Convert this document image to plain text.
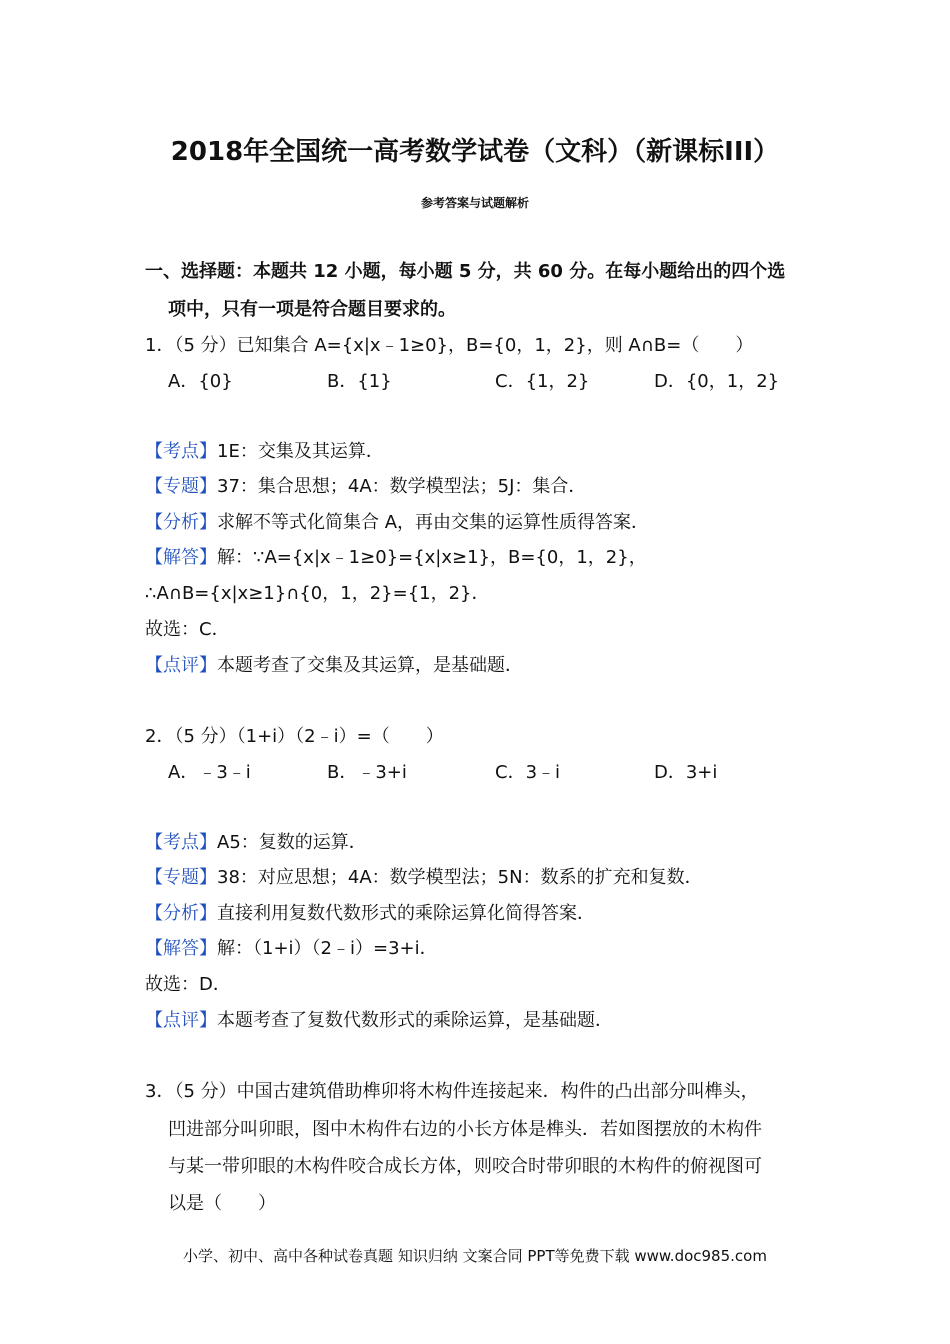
2018年全国统一高考数学试卷（文科）（新课标III）
参考答案与试题解析
一、选择题：本题共 12 小题，每小题 5 分，共 60 分。在每小题给出的四个选
项中，只有一项是符合题目要求的。
1．（5 分）已知集合 A={x|x﹣1≥0}，B={0，1，2}，则 A∩B=（　　）
A．{0}	B．{1}	C．{1，2}	D．{0，1，2}
【考点】1E：交集及其运算．
【专题】37：集合思想；4A：数学模型法；5J：集合．
【分析】求解不等式化简集合 A，再由交集的运算性质得答案．
【解答】解：∵A={x|x﹣1≥0}={x|x≥1}，B={0，1，2}，
∴A∩B={x|x≥1}∩{0，1，2}={1，2}．
故选：C．
【点评】本题考查了交集及其运算，是基础题．
2．（5 分）（1+i）（2﹣i）=（　　）
A．﹣3﹣i	B．﹣3+i	C．3﹣i	D．3+i
【考点】A5：复数的运算．
【专题】38：对应思想；4A：数学模型法；5N：数系的扩充和复数．
【分析】直接利用复数代数形式的乘除运算化简得答案．
【解答】解：（1+i）（2﹣i）=3+i．
故选：D．
【点评】本题考查了复数代数形式的乘除运算，是基础题．
3．（5 分）中国古建筑借助榫卯将木构件连接起来．构件的凸出部分叫榫头，
凹进部分叫卯眼，图中木构件右边的小长方体是榫头．若如图摆放的木构件
与某一带卯眼的木构件咬合成长方体，则咬合时带卯眼的木构件的俯视图可
以是（　　）
小学、初中、高中各种试卷真题 知识归纳 文案合同 PPT等免费下载 www.doc985.com
